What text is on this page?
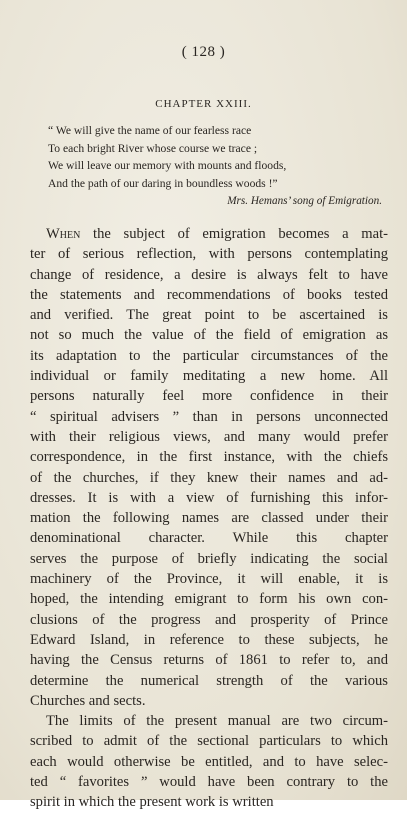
( 128 )
CHAPTER XXIII.
“ We will give the name of our fearless race
To each bright River whose course we trace ;
We will leave our memory with mounts and floods,
And the path of our daring in boundless woods !”
Mrs. Hemans’ song of Emigration.
When the subject of emigration becomes a mat-
ter of serious reflection, with persons contemplating
change of residence, a desire is always felt to have
the statements and recommendations of books tested
and verified. The great point to be ascertained is
not so much the value of the field of emigration as
its adaptation to the particular circumstances of the
individual or family meditating a new home. All
persons naturally feel more confidence in their
“ spiritual advisers ” than in persons unconnected
with their religious views, and many would prefer
correspondence, in the first instance, with the chiefs
of the churches, if they knew their names and ad-
dresses. It is with a view of furnishing this infor-
mation the following names are classed under their
denominational character. While this chapter
serves the purpose of briefly indicating the social
machinery of the Province, it will enable, it is
hoped, the intending emigrant to form his own con-
clusions of the progress and prosperity of Prince
Edward Island, in reference to these subjects, he
having the Census returns of 1861 to refer to, and
determine the numerical strength of the various
Churches and sects.
The limits of the present manual are two circum-
scribed to admit of the sectional particulars to which
each would otherwise be entitled, and to have selec-
ted “ favorites ” would have been contrary to the
spirit in which the present work is written
